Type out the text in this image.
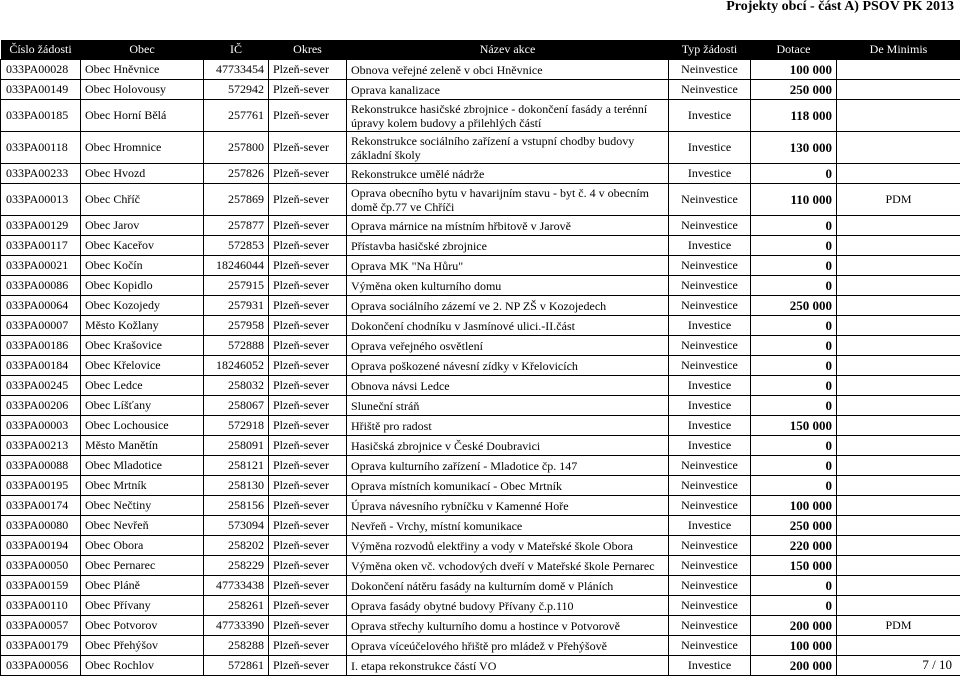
Projekty obcí - část A) PSOV PK 2013
Číslo žádosti	Obec	IČ	Okres	Název akce	Typ žádosti	Dotace	De Minimis
033PA00028	Obec Hněvnice	47733454	Plzeň-sever	Obnova veřejné zeleně v obci Hněvnice	Neinvestice	100 000	
033PA00149	Obec Holovousy	572942	Plzeň-sever	Oprava kanalizace	Neinvestice	250 000	
033PA00185	Obec Horní Bělá	257761	Plzeň-sever	Rekonstrukce hasičské zbrojnice - dokončení fasády a terénní úpravy kolem budovy a přilehlých částí	Investice	118 000	
033PA00118	Obec Hromnice	257800	Plzeň-sever	Rekonstrukce sociálního zařízení a vstupní chodby budovy základní školy	Investice	130 000	
033PA00233	Obec Hvozd	257826	Plzeň-sever	Rekonstrukce umělé nádrže	Investice	0	
033PA00013	Obec Chříč	257869	Plzeň-sever	Oprava obecního bytu v havarijním stavu - byt č. 4 v obecním domě čp.77 ve Chříči	Neinvestice	110 000	PDM
033PA00129	Obec Jarov	257877	Plzeň-sever	Oprava márnice na místním hřbitově v Jarově	Neinvestice	0	
033PA00117	Obec Kaceřov	572853	Plzeň-sever	Přístavba hasičské zbrojnice	Investice	0	
033PA00021	Obec Kočín	18246044	Plzeň-sever	Oprava MK "Na Hůru"	Neinvestice	0	
033PA00086	Obec Kopidlo	257915	Plzeň-sever	Výměna oken kulturního domu	Neinvestice	0	
033PA00064	Obec Kozojedy	257931	Plzeň-sever	Oprava sociálního zázemí ve 2. NP ZŠ v Kozojedech	Neinvestice	250 000	
033PA00007	Město Kožlany	257958	Plzeň-sever	Dokončení chodníku v Jasmínové ulici.-II.část	Investice	0	
033PA00186	Obec Krašovice	572888	Plzeň-sever	Oprava veřejného osvětlení	Neinvestice	0	
033PA00184	Obec Křelovice	18246052	Plzeň-sever	Oprava poškozené návesní zídky v Křelovicích	Neinvestice	0	
033PA00245	Obec Ledce	258032	Plzeň-sever	Obnova návsi Ledce	Investice	0	
033PA00206	Obec Líšťany	258067	Plzeň-sever	Sluneční stráň	Investice	0	
033PA00003	Obec Lochousice	572918	Plzeň-sever	Hřiště pro radost	Investice	150 000	
033PA00213	Město Manětín	258091	Plzeň-sever	Hasičská zbrojnice v České Doubravici	Investice	0	
033PA00088	Obec Mladotice	258121	Plzeň-sever	Oprava kulturního zařízení - Mladotice čp. 147	Neinvestice	0	
033PA00195	Obec Mrtník	258130	Plzeň-sever	Oprava místních komunikací - Obec Mrtník	Neinvestice	0	
033PA00174	Obec Nečtiny	258156	Plzeň-sever	Úprava návesního rybníčku v Kamenné Hoře	Neinvestice	100 000	
033PA00080	Obec Nevřeň	573094	Plzeň-sever	Nevřeň - Vrchy, místní komunikace	Investice	250 000	
033PA00194	Obec Obora	258202	Plzeň-sever	Výměna rozvodů elektřiny a vody v Mateřské škole Obora	Neinvestice	220 000	
033PA00050	Obec Pernarec	258229	Plzeň-sever	Výměna oken vč. vchodových dveří v Mateřské škole Pernarec	Neinvestice	150 000	
033PA00159	Obec Pláně	47733438	Plzeň-sever	Dokončení nátěru fasády na kulturním domě v Pláních	Neinvestice	0	
033PA00110	Obec Přívany	258261	Plzeň-sever	Oprava fasády obytné budovy Přívany č.p.110	Neinvestice	0	
033PA00057	Obec Potvorov	47733390	Plzeň-sever	Oprava střechy kulturního domu a hostince v Potvorově	Neinvestice	200 000	PDM
033PA00179	Obec Přehýšov	258288	Plzeň-sever	Oprava víceúčelového hřiště pro mládež v Přehýšově	Neinvestice	100 000	
033PA00056	Obec Rochlov	572861	Plzeň-sever	I. etapa rekonstrukce částí VO	Investice	200 000		7 / 10
